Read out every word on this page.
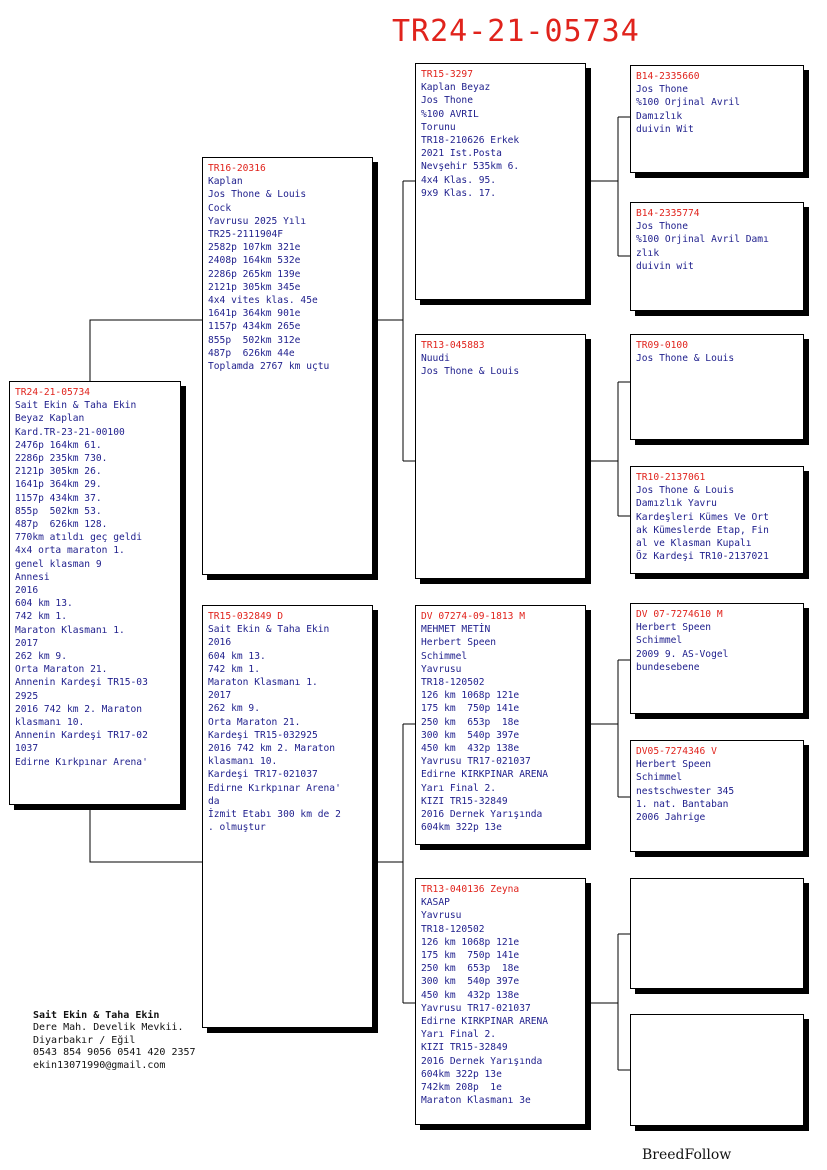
TR24-21-05734
TR24-21-05734
Sait Ekin & Taha Ekin
Beyaz Kaplan
Kard.TR-23-21-00100
2476p 164km 61.
2286p 235km 730.
2121p 305km 26.
1641p 364km 29.
1157p 434km 37.
855p  502km 53.
487p  626km 128.
770km atıldı geç geldi
4x4 orta maraton 1.
genel klasman 9
Annesi
2016
604 km 13.
742 km 1.
Maraton Klasmanı 1.
2017
262 km 9.
Orta Maraton 21.
Annenin Kardeşi TR15-03
2925
2016 742 km 2. Maraton
klasmanı 10.
Annenin Kardeşi TR17-02
1037
Edirne Kırkpınar Arena'
TR16-20316
Kaplan
Jos Thone & Louis
Cock
Yavrusu 2025 Yılı
TR25-2111904F
2582p 107km 321e
2408p 164km 532e
2286p 265km 139e
2121p 305km 345e
4x4 vites klas. 45e
1641p 364km 901e
1157p 434km 265e
855p  502km 312e
487p  626km 44e
Toplamda 2767 km uçtu
TR15-032849 D
Sait Ekin & Taha Ekin
2016
604 km 13.
742 km 1.
Maraton Klasmanı 1.
2017
262 km 9.
Orta Maraton 21.
Kardeşi TR15-032925
2016 742 km 2. Maraton
klasmanı 10.
Kardeşi TR17-021037
Edirne Kırkpınar Arena'
da
İzmit Etabı 300 km de 2
. olmuştur
TR15-3297
Kaplan Beyaz
Jos Thone
%100 AVRIL
Torunu
TR18-210626 Erkek
2021 Ist.Posta
Nevşehir 535km 6.
4x4 Klas. 95.
9x9 Klas. 17.
TR13-045883
Nuudi
Jos Thone & Louis
DV 07274-09-1813 M
MEHMET METİN
Herbert Speen
Schimmel
Yavrusu
TR18-120502
126 km 1068p 121e
175 km  750p 141e
250 km  653p  18e
300 km  540p 397e
450 km  432p 138e
Yavrusu TR17-021037
Edirne KIRKPINAR ARENA
Yarı Final 2.
KIZI TR15-32849
2016 Dernek Yarışında
604km 322p 13e
TR13-040136 Zeyna
KASAP
Yavrusu
TR18-120502
126 km 1068p 121e
175 km  750p 141e
250 km  653p  18e
300 km  540p 397e
450 km  432p 138e
Yavrusu TR17-021037
Edirne KIRKPINAR ARENA
Yarı Final 2.
KIZI TR15-32849
2016 Dernek Yarışında
604km 322p 13e
742km 208p  1e
Maraton Klasmanı 3e
B14-2335660
Jos Thone
%100 Orjinal Avril
Damızlık
duivin Wit
B14-2335774
Jos Thone
%100 Orjinal Avril Damı
zlık
duivin wit
TR09-0100
Jos Thone & Louis
TR10-2137061
Jos Thone & Louis
Damızlık Yavru
Kardeşleri Kümes Ve Ort
ak Kümeslerde Etap, Fin
al ve Klasman Kupalı
Öz Kardeşi TR10-2137021
DV 07-7274610 M
Herbert Speen
Schimmel
2009 9. AS-Vogel
bundesebene
DV05-7274346 V
Herbert Speen
Schimmel
nestschwester 345
1. nat. Bantaban
2006 Jahrige
Sait Ekin & Taha Ekin
Dere Mah. Develik Mevkii.
Diyarbakır / Eğil
0543 854 9056 0541 420 2357
ekin13071990@gmail.com
BreedFollow
